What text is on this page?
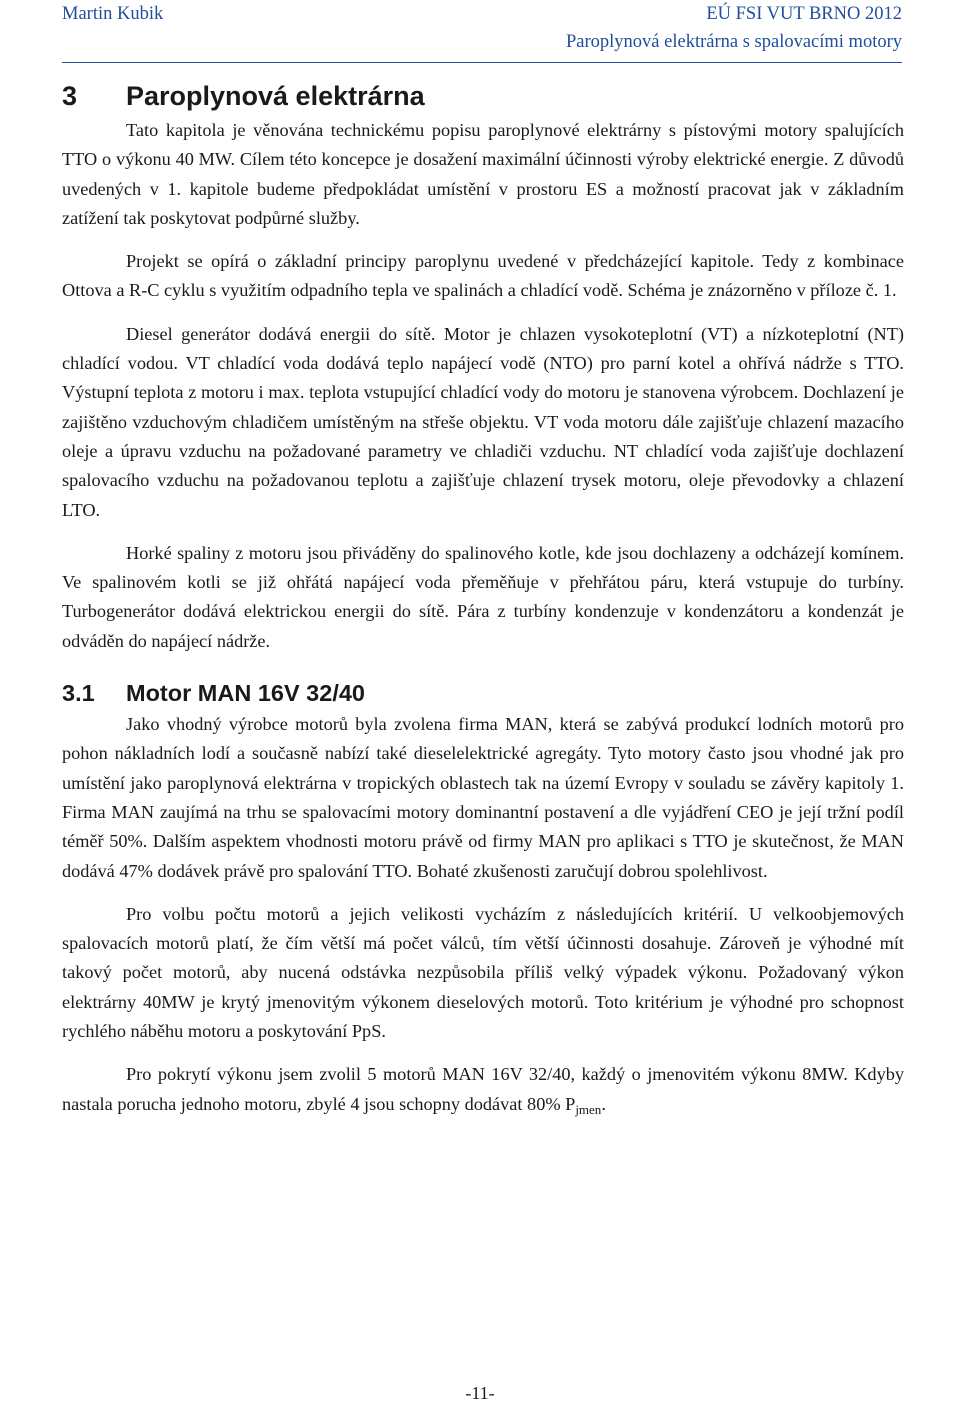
Martin Kubik	EÚ FSI VUT BRNO 2012
Paroplynová elektrárna s spalovacími motory
3 Paroplynová elektrárna

Tato kapitola je věnována technickému popisu paroplynové elektrárny s pístovými motory spalujících TTO o výkonu 40 MW. Cílem této koncepce je dosažení maximální účinnosti výroby elektrické energie. Z důvodů uvedených v 1. kapitole budeme předpokládat umístění v prostoru ES a možností pracovat jak v základním zatížení tak poskytovat podpůrné služby.

Projekt se opírá o základní principy paroplynu uvedené v předcházející kapitole. Tedy z kombinace Ottova a R-C cyklu s využitím odpadního tepla ve spalinách a chladící vodě. Schéma je znázorněno v příloze č. 1.

Diesel generátor dodává energii do sítě. Motor je chlazen vysokoteplotní (VT) a nízkoteplotní (NT) chladící vodou. VT chladící voda dodává teplo napájecí vodě (NTO) pro parní kotel a ohřívá nádrže s TTO. Výstupní teplota z motoru i max. teplota vstupující chladící vody do motoru je stanovena výrobcem. Dochlazení je zajištěno vzduchovým chladičem umístěným na střeše objektu. VT voda motoru dále zajišťuje chlazení mazacího oleje a úpravu vzduchu na požadované parametry ve chladiči vzduchu. NT chladící voda zajišťuje dochlazení spalovacího vzduchu na požadovanou teplotu a zajišťuje chlazení trysek motoru, oleje převodovky a chlazení LTO.

Horké spaliny z motoru jsou přiváděny do spalinového kotle, kde jsou dochlazeny a odcházejí komínem. Ve spalinovém kotli se již ohřátá napájecí voda přeměňuje v přehřátou páru, která vstupuje do turbíny. Turbogenerátor dodává elektrickou energii do sítě. Pára z turbíny kondenzuje v kondenzátoru a kondenzát je odváděn do napájecí nádrže.

3.1 Motor MAN 16V 32/40

Jako vhodný výrobce motorů byla zvolena firma MAN, která se zabývá produkcí lodních motorů pro pohon nákladních lodí a současně nabízí také dieselelektrické agregáty. Tyto motory často jsou vhodné jak pro umístění jako paroplynová elektrárna v tropických oblastech tak na území Evropy v souladu se závěry kapitoly 1. Firma MAN zaujímá na trhu se spalovacími motory dominantní postavení a dle vyjádření CEO je její tržní podíl téměř 50%. Dalším aspektem vhodnosti motoru právě od firmy MAN pro aplikaci s TTO je skutečnost, že MAN dodává 47% dodávek právě pro spalování TTO. Bohaté zkušenosti zaručují dobrou spolehlivost.

Pro volbu počtu motorů a jejich velikosti vycházím z následujících kritérií. U velkoobjemových spalovacích motorů platí, že čím větší má počet válců, tím větší účinnosti dosahuje. Zároveň je výhodné mít takový počet motorů, aby nucená odstávka nezpůsobila příliš velký výpadek výkonu. Požadovaný výkon elektrárny 40MW je krytý jmenovitým výkonem dieselových motorů. Toto kritérium je výhodné pro schopnost rychlého náběhu motoru a poskytování PpS.

Pro pokrytí výkonu jsem zvolil 5 motorů MAN 16V 32/40, každý o jmenovitém výkonu 8MW. Kdyby nastala porucha jednoho motoru, zbylé 4 jsou schopny dodávat 80% $P_{jmen}$.

-11-
